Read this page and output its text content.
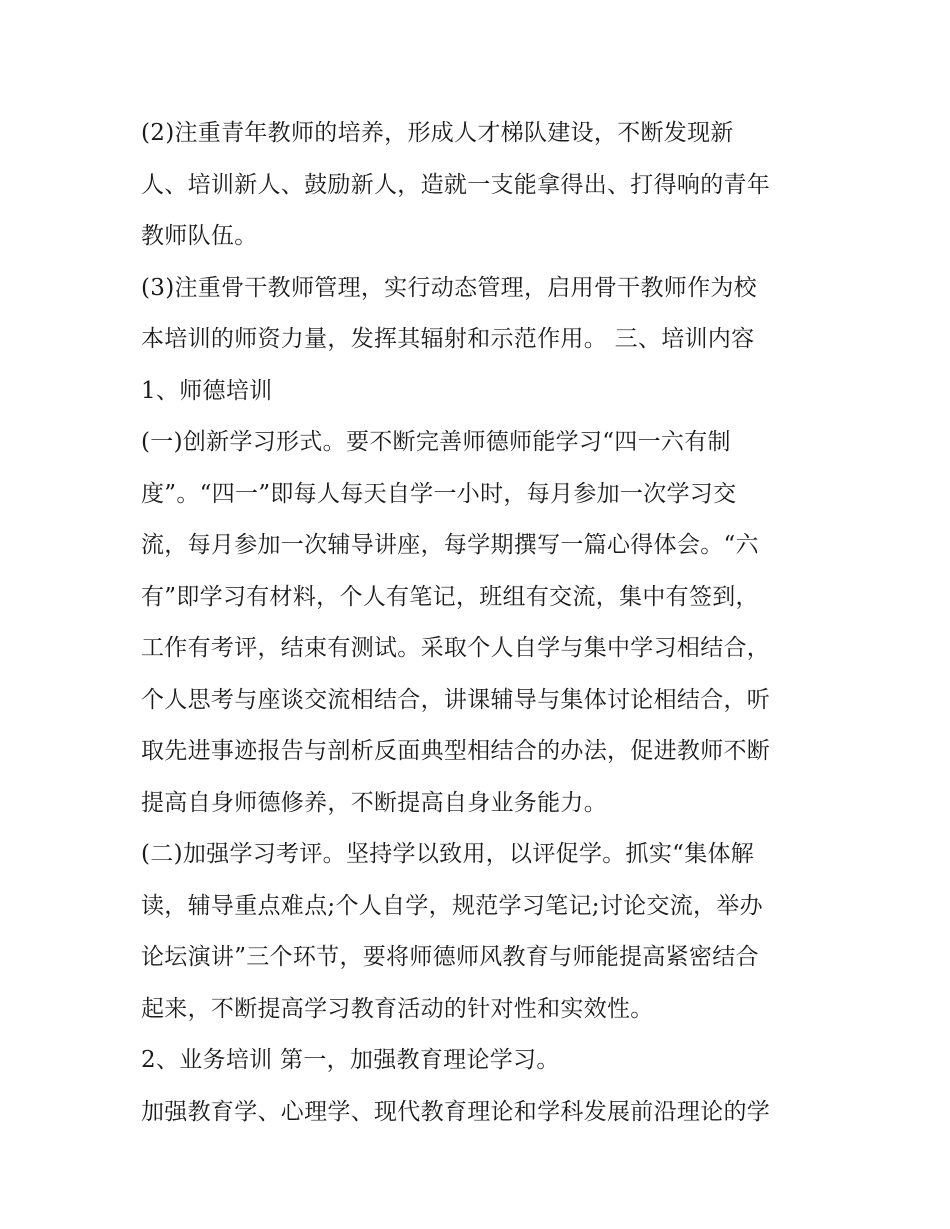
(2)注重青年教师的培养，形成人才梯队建设，不断发现新
人、培训新人、鼓励新人，造就一支能拿得出、打得响的青年
教师队伍。
(3)注重骨干教师管理，实行动态管理，启用骨干教师作为校
本培训的师资力量，发挥其辐射和示范作用。 三、培训内容
1、师德培训
(一)创新学习形式。要不断完善师德师能学习“四一六有制
度”。“四一”即每人每天自学一小时，每月参加一次学习交
流，每月参加一次辅导讲座，每学期撰写一篇心得体会。“六
有”即学习有材料，个人有笔记，班组有交流，集中有签到，
工作有考评，结束有测试。采取个人自学与集中学习相结合，
个人思考与座谈交流相结合，讲课辅导与集体讨论相结合，听
取先进事迹报告与剖析反面典型相结合的办法，促进教师不断
提高自身师德修养，不断提高自身业务能力。
(二)加强学习考评。坚持学以致用，以评促学。抓实“集体解
读，辅导重点难点;个人自学，规范学习笔记;讨论交流，举办
论坛演讲”三个环节，要将师德师风教育与师能提高紧密结合
起来，不断提高学习教育活动的针对性和实效性。
2、业务培训 第一，加强教育理论学习。
加强教育学、心理学、现代教育理论和学科发展前沿理论的学
